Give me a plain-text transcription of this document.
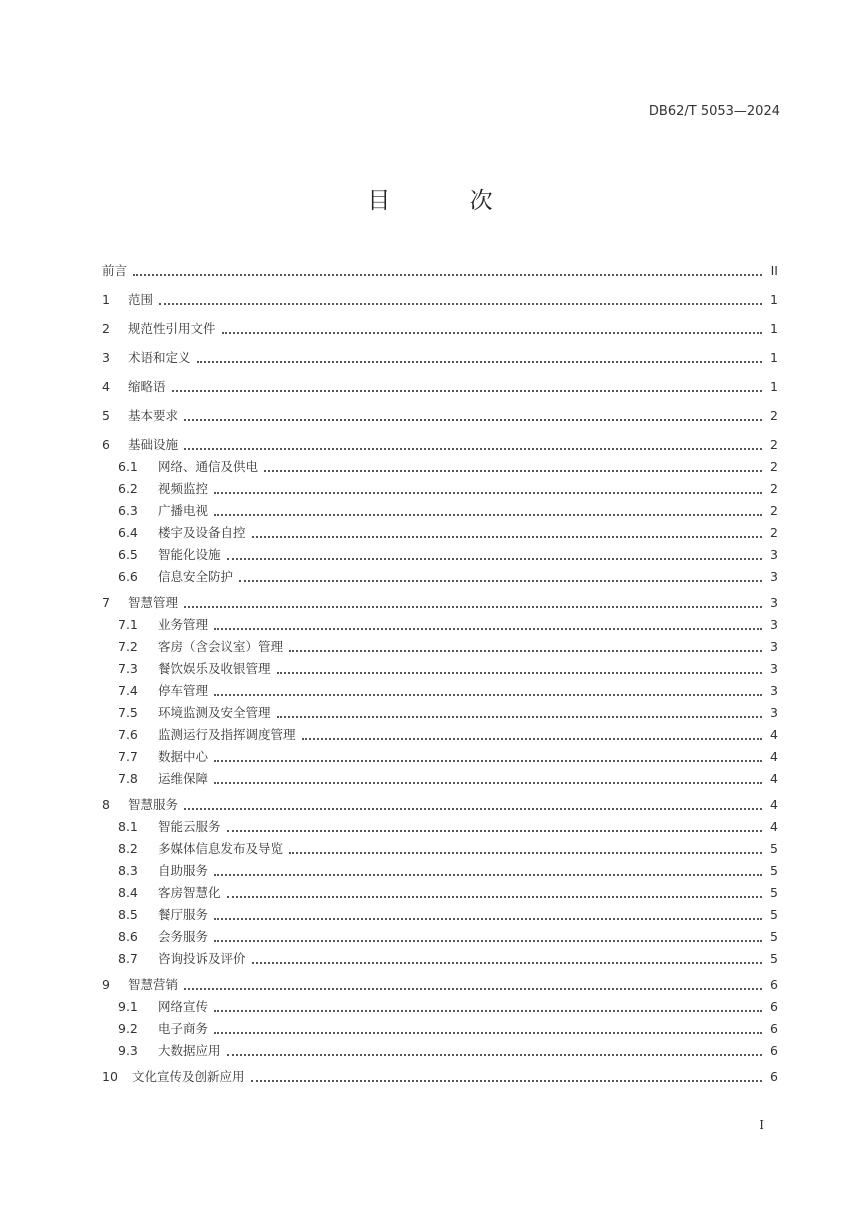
DB62/T 5053—2024
目 次
前言	II
1	范围	1
2	规范性引用文件	1
3	术语和定义	1
4	缩略语	1
5	基本要求	2
6	基础设施	2
6.1	网络、通信及供电	2
6.2	视频监控	2
6.3	广播电视	2
6.4	楼宇及设备自控	2
6.5	智能化设施	3
6.6	信息安全防护	3
7	智慧管理	3
7.1	业务管理	3
7.2	客房（含会议室）管理	3
7.3	餐饮娱乐及收银管理	3
7.4	停车管理	3
7.5	环境监测及安全管理	3
7.6	监测运行及指挥调度管理	4
7.7	数据中心	4
7.8	运维保障	4
8	智慧服务	4
8.1	智能云服务	4
8.2	多媒体信息发布及导览	5
8.3	自助服务	5
8.4	客房智慧化	5
8.5	餐厅服务	5
8.6	会务服务	5
8.7	咨询投诉及评价	5
9	智慧营销	6
9.1	网络宣传	6
9.2	电子商务	6
9.3	大数据应用	6
10	文化宣传及创新应用	6
I
